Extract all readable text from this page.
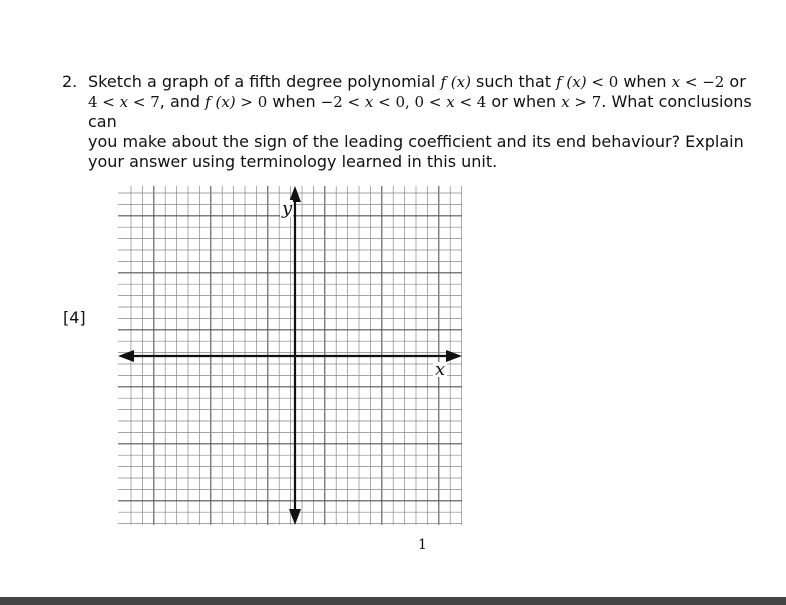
2. Sketch a graph of a fifth degree polynomial f (x) such that f (x) < 0 when x < −2 or
4 < x < 7, and f (x) > 0 when −2 < x < 0, 0 < x < 4 or when x > 7. What conclusions can
you make about the sign of the leading coefficient and its end behaviour? Explain
your answer using terminology learned in this unit.
[4]
y
x
1
